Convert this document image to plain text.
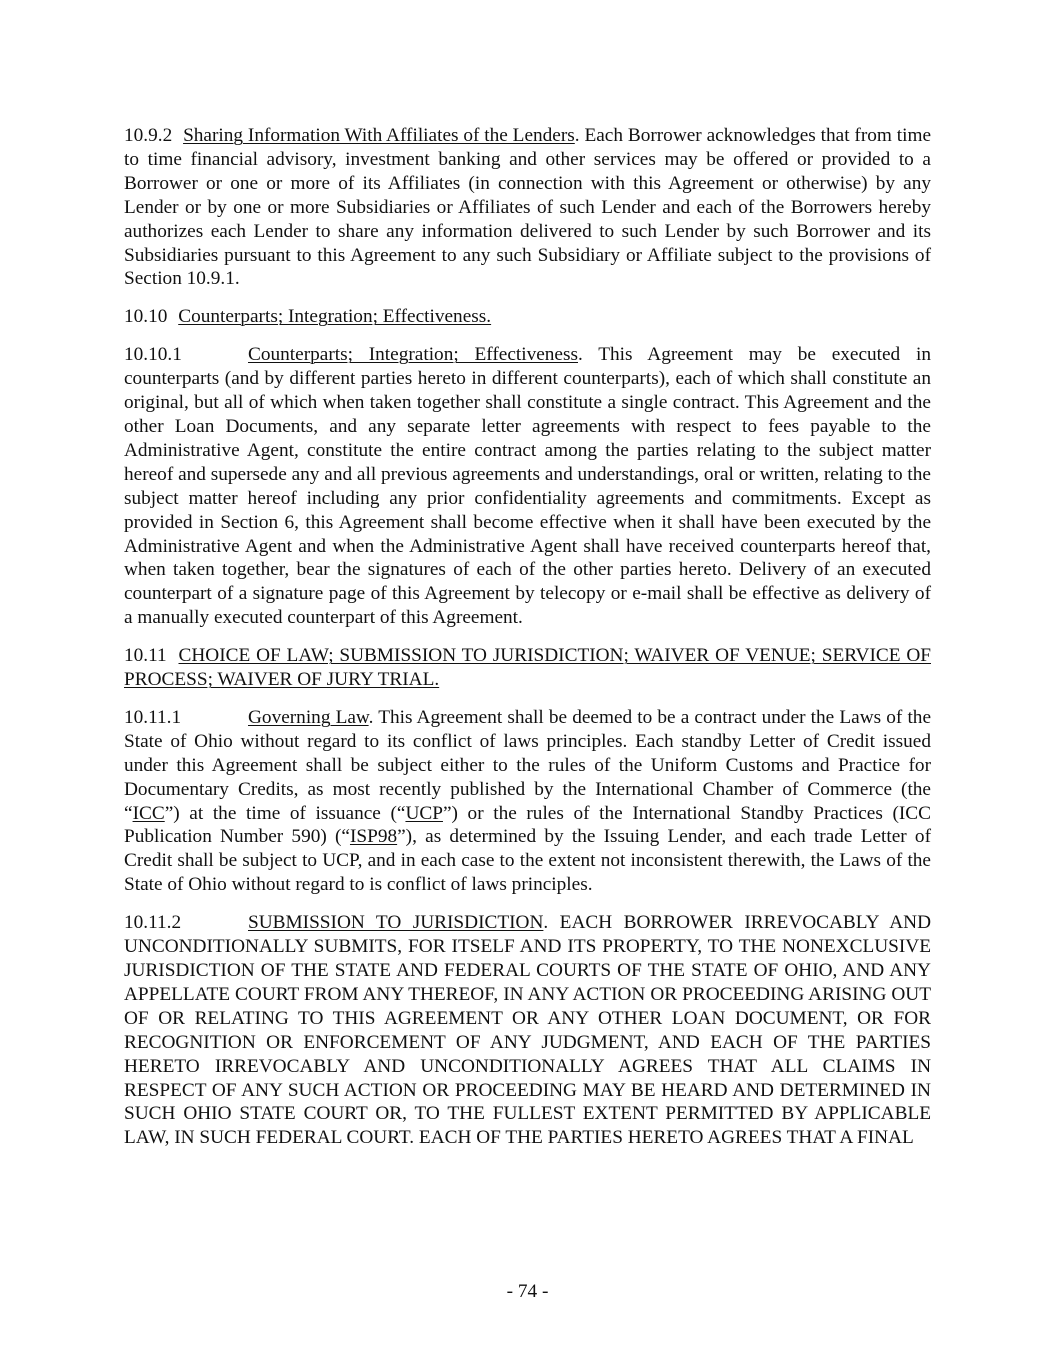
10.9.2 Sharing Information With Affiliates of the Lenders. Each Borrower acknowledges that from time to time financial advisory, investment banking and other services may be offered or provided to a Borrower or one or more of its Affiliates (in connection with this Agreement or otherwise) by any Lender or by one or more Subsidiaries or Affiliates of such Lender and each of the Borrowers hereby authorizes each Lender to share any information delivered to such Lender by such Borrower and its Subsidiaries pursuant to this Agreement to any such Subsidiary or Affiliate subject to the provisions of Section 10.9.1.

10.10 Counterparts; Integration; Effectiveness.

10.10.1	Counterparts; Integration; Effectiveness. This Agreement may be executed in counterparts (and by different parties hereto in different counterparts), each of which shall constitute an original, but all of which when taken together shall constitute a single contract. This Agreement and the other Loan Documents, and any separate letter agreements with respect to fees payable to the Administrative Agent, constitute the entire contract among the parties relating to the subject matter hereof and supersede any and all previous agreements and understandings, oral or written, relating to the subject matter hereof including any prior confidentiality agreements and commitments. Except as provided in Section 6, this Agreement shall become effective when it shall have been executed by the Administrative Agent and when the Administrative Agent shall have received counterparts hereof that, when taken together, bear the signatures of each of the other parties hereto. Delivery of an executed counterpart of a signature page of this Agreement by telecopy or e-mail shall be effective as delivery of a manually executed counterpart of this Agreement.

10.11 CHOICE OF LAW; SUBMISSION TO JURISDICTION; WAIVER OF VENUE; SERVICE OF PROCESS; WAIVER OF JURY TRIAL.

10.11.1	Governing Law. This Agreement shall be deemed to be a contract under the Laws of the State of Ohio without regard to its conflict of laws principles. Each standby Letter of Credit issued under this Agreement shall be subject either to the rules of the Uniform Customs and Practice for Documentary Credits, as most recently published by the International Chamber of Commerce (the “ICC”) at the time of issuance (“UCP”) or the rules of the International Standby Practices (ICC Publication Number 590) (“ISP98”), as determined by the Issuing Lender, and each trade Letter of Credit shall be subject to UCP, and in each case to the extent not inconsistent therewith, the Laws of the State of Ohio without regard to is conflict of laws principles.

10.11.2	SUBMISSION TO JURISDICTION. EACH BORROWER IRREVOCABLY AND UNCONDITIONALLY SUBMITS, FOR ITSELF AND ITS PROPERTY, TO THE NONEXCLUSIVE JURISDICTION OF THE STATE AND FEDERAL COURTS OF THE STATE OF OHIO, AND ANY APPELLATE COURT FROM ANY THEREOF, IN ANY ACTION OR PROCEEDING ARISING OUT OF OR RELATING TO THIS AGREEMENT OR ANY OTHER LOAN DOCUMENT, OR FOR RECOGNITION OR ENFORCEMENT OF ANY JUDGMENT, AND EACH OF THE PARTIES HERETO IRREVOCABLY AND UNCONDITIONALLY AGREES THAT ALL CLAIMS IN RESPECT OF ANY SUCH ACTION OR PROCEEDING MAY BE HEARD AND DETERMINED IN SUCH OHIO STATE COURT OR, TO THE FULLEST EXTENT PERMITTED BY APPLICABLE LAW, IN SUCH FEDERAL COURT. EACH OF THE PARTIES HERETO AGREES THAT A FINAL

- 74 -
